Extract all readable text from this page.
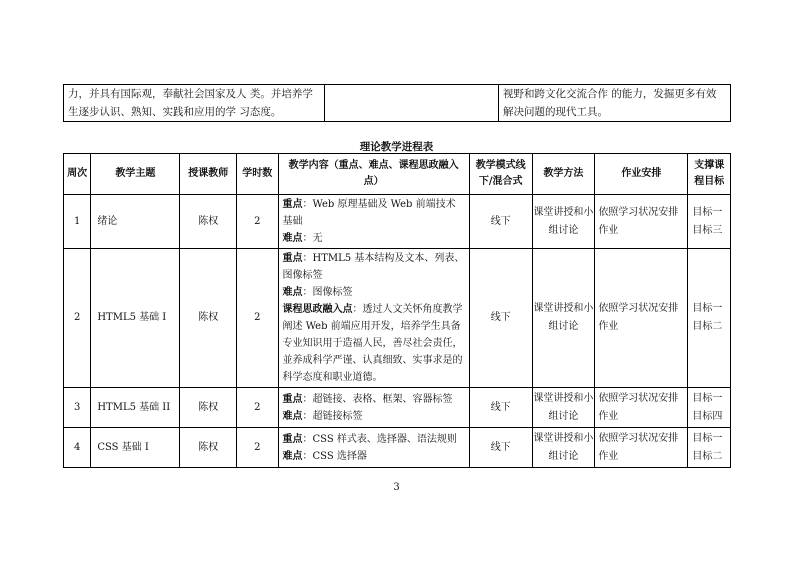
力，并具有国际观，奉献社会国家及人 类。并培养学生逐步认识、熟知、实践和应用的学 习态度。		视野和跨文化交流合作 的能力，发掘更多有效解决问题的现代工具。
理论教学进程表
周次	教学主题	授课教师	学时数	教学内容（重点、难点、课程思政融入点）	教学模式线下/混合式	教学方法	作业安排	支撑课程目标
1	绪论	陈权	2	重点：Web 原理基础及 Web 前端技术基础
难点：无	线下	课堂讲授和小组讨论	依照学习状况安排作业	目标一
目标三

2	HTML5 基础 I	陈权	2	重点：HTML5 基本结构及文本、列表、图像标签
难点：图像标签
课程思政融入点：透过人文关怀角度教学阐述 Web 前端应用开发，培养学生具备专业知识用于造福人民，善尽社会责任，並养成科学严谨、认真细致、实事求是的科学态度和职业道德。	线下	课堂讲授和小组讨论	依照学习状况安排作业	目标一
目标二

3	HTML5 基础 II	陈权	2	重点：超链接、表格、框架、容器标签
难点：超链接标签	线下	课堂讲授和小组讨论	依照学习状况安排作业	目标一
目标四

4	CSS 基础 I	陈权	2	重点：CSS 样式表、选择器、语法规则
难点：CSS 选择器	线下	课堂讲授和小组讨论	依照学习状况安排作业	目标一
目标二
3
